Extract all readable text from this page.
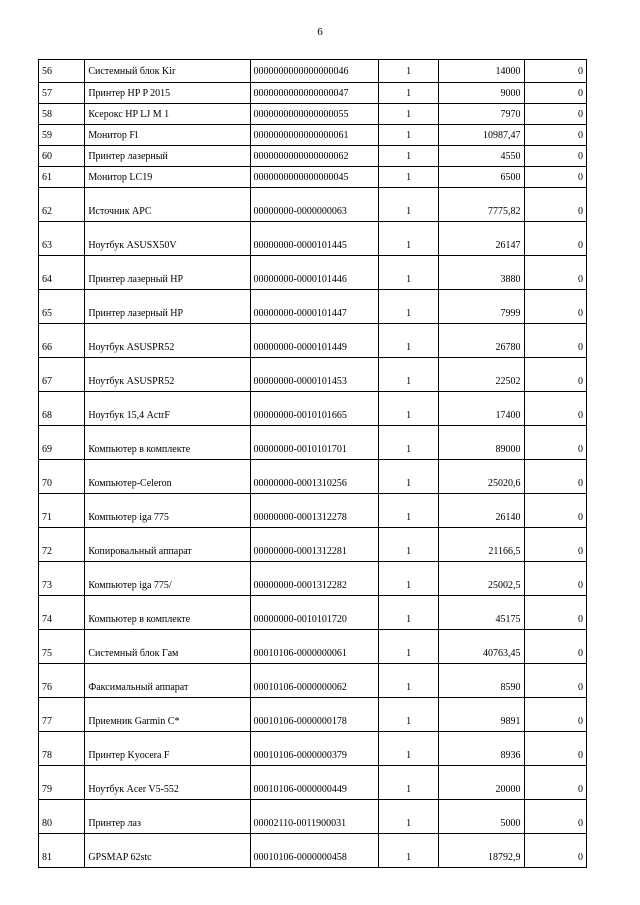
6
56	Системный блок Kir	0000000000000000046	1	14000	0
57	Принтер HP P 2015	0000000000000000047	1	9000	0
58	Ксерокс HP LJ M 1	0000000000000000055	1	7970	0
59	Монитор Fl	0000000000000000061	1	10987,47	0
60	Принтер лазерный	0000000000000000062	1	4550	0
61	Монитор LC19	0000000000000000045	1	6500	0
62	Источник APC	00000000-0000000063	1	7775,82	0
63	Ноутбук ASUSX50V	00000000-0000101445	1	26147	0
64	Принтер лазерный HP	00000000-0000101446	1	3880	0
65	Принтер лазерный HP	00000000-0000101447	1	7999	0
66	Ноутбук ASUSPR52	00000000-0000101449	1	26780	0
67	Ноутбук ASUSPR52	00000000-0000101453	1	22502	0
68	Ноутбук 15,4 ActrF	00000000-0010101665	1	17400	0
69	Компьютер в комплекте	00000000-0010101701	1	89000	0
70	Компьютер-Celeron	00000000-0001310256	1	25020,6	0
71	Компьютер iga 775	00000000-0001312278	1	26140	0
72	Копировальный аппарат	00000000-0001312281	1	21166,5	0
73	Компьютер iga 775/	00000000-0001312282	1	25002,5	0
74	Компьютер в комплекте	00000000-0010101720	1	45175	0
75	Системный блок Гам	00010106-0000000061	1	40763,45	0
76	Факсимальный аппарат	00010106-0000000062	1	8590	0
77	Приемник Garmin C*	00010106-0000000178	1	9891	0
78	Принтер Kyocera F	00010106-0000000379	1	8936	0
79	Ноутбук Acer V5-552	00010106-0000000449	1	20000	0
80	Принтер лаз	00002110-0011900031	1	5000	0
81	GPSMAP 62stc	00010106-0000000458	1	18792,9	0
